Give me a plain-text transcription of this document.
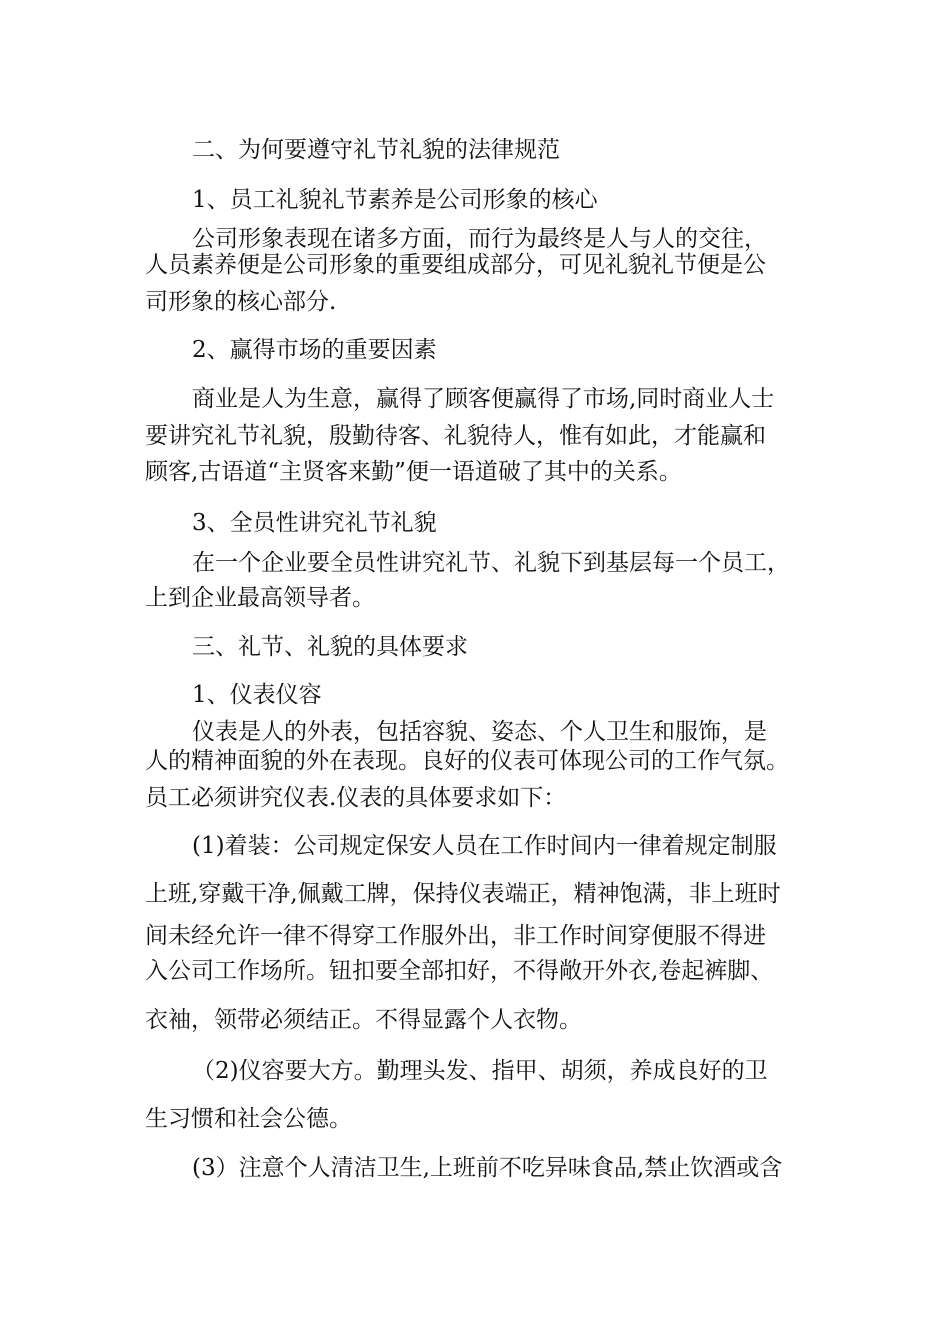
二、为何要遵守礼节礼貌的法律规范
1、员工礼貌礼节素养是公司形象的核心
公司形象表现在诸多方面，而行为最终是人与人的交往，
人员素养便是公司形象的重要组成部分，可见礼貌礼节便是公
司形象的核心部分.
2、赢得市场的重要因素
商业是人为生意，赢得了顾客便赢得了市场,同时商业人士
要讲究礼节礼貌，殷勤待客、礼貌待人，惟有如此，才能赢和
顾客,古语道“主贤客来勤”便一语道破了其中的关系。
3、全员性讲究礼节礼貌
在一个企业要全员性讲究礼节、礼貌下到基层每一个员工，
上到企业最高领导者。
三、礼节、礼貌的具体要求
1、仪表仪容
仪表是人的外表，包括容貌、姿态、个人卫生和服饰，是
人的精神面貌的外在表现。良好的仪表可体现公司的工作气氛。
员工必须讲究仪表.仪表的具体要求如下：
(1)着装：公司规定保安人员在工作时间内一律着规定制服
上班,穿戴干净,佩戴工牌，保持仪表端正，精神饱满，非上班时
间未经允许一律不得穿工作服外出，非工作时间穿便服不得进
入公司工作场所。钮扣要全部扣好，不得敞开外衣,卷起裤脚、
衣袖，领带必须结正。不得显露个人衣物。
（2)仪容要大方。勤理头发、指甲、胡须，养成良好的卫
生习惯和社会公德。
(3）注意个人清洁卫生,上班前不吃异味食品,禁止饮酒或含
